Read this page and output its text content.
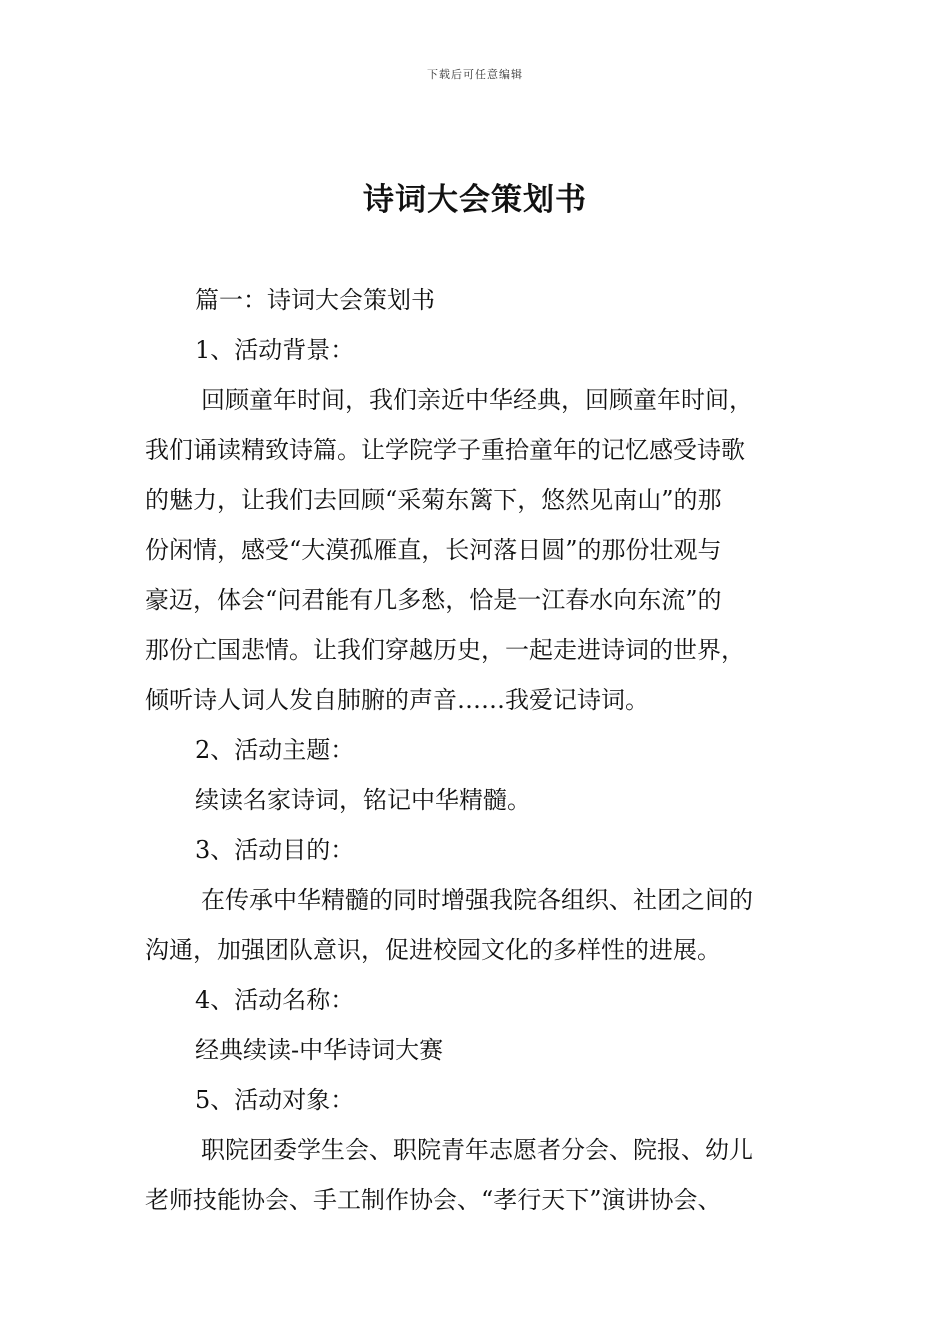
下载后可任意编辑
诗词大会策划书

篇一：诗词大会策划书

1、活动背景：

回顾童年时间，我们亲近中华经典，回顾童年时间，
我们诵读精致诗篇。让学院学子重拾童年的记忆感受诗歌
的魅力，让我们去回顾“采菊东篱下，悠然见南山”的那
份闲情，感受“大漠孤雁直，长河落日圆”的那份壮观与
豪迈，体会“问君能有几多愁，恰是一江春水向东流”的
那份亡国悲情。让我们穿越历史，一起走进诗词的世界，
倾听诗人词人发自肺腑的声音……我爱记诗词。

2、活动主题：

续读名家诗词，铭记中华精髓。

3、活动目的：

在传承中华精髓的同时增强我院各组织、社团之间的
沟通，加强团队意识，促进校园文化的多样性的进展。

4、活动名称：

经典续读-中华诗词大赛

5、活动对象：

职院团委学生会、职院青年志愿者分会、院报、幼儿
老师技能协会、手工制作协会、“孝行天下”演讲协会、
